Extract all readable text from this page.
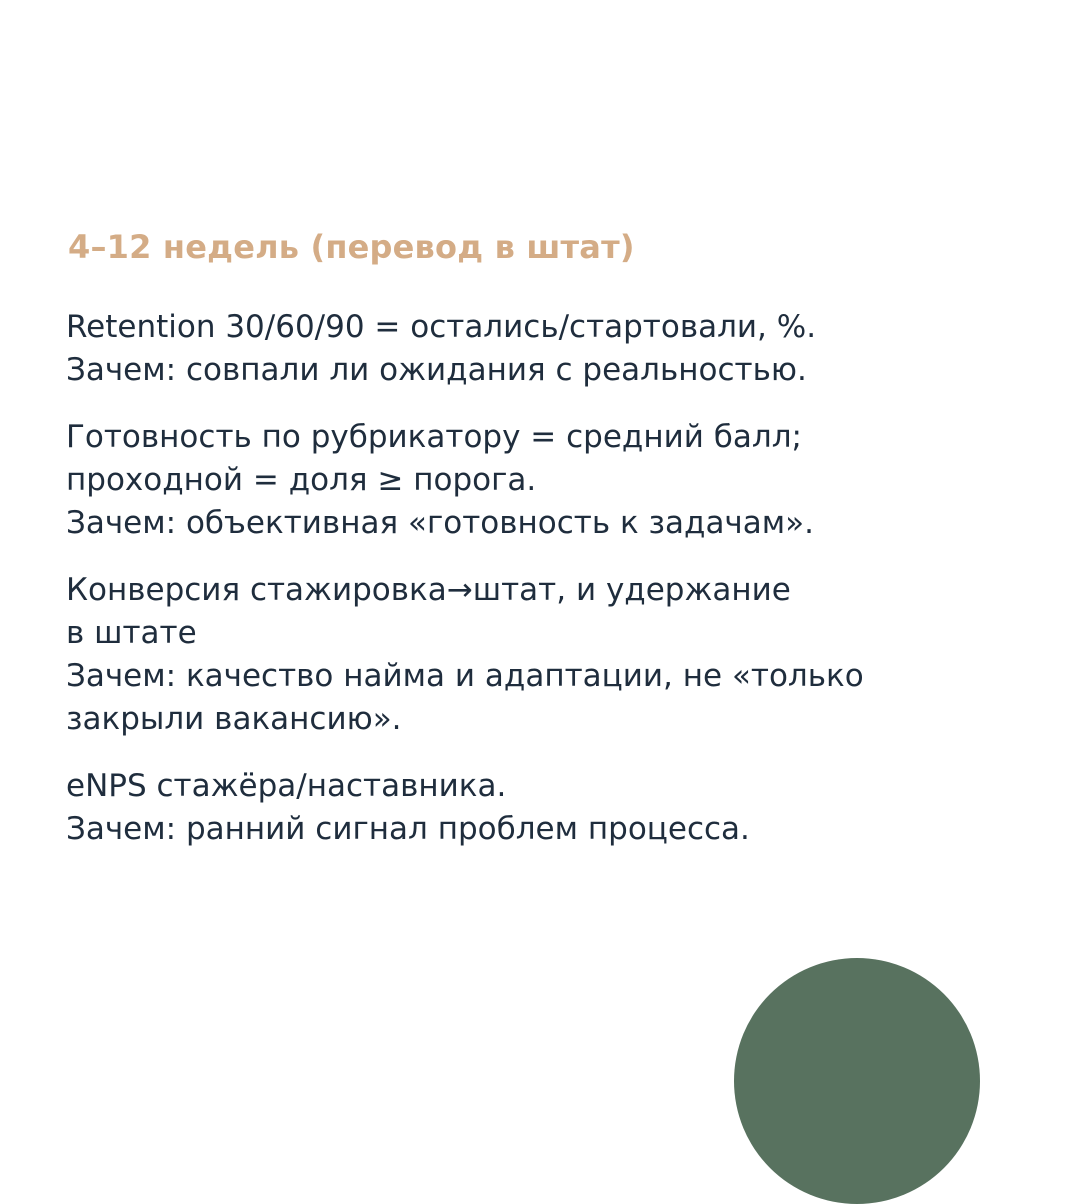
4–12 недель (перевод в штат)
Retention 30/60/90 = остались/стартовали, %.
Зачем: совпали ли ожидания с реальностью.
Готовность по рубрикатору = средний балл;
проходной = доля ≥ порога.
Зачем: объективная «готовность к задачам».
Конверсия стажировка→штат, и удержание
в штате
Зачем: качество найма и адаптации, не «только
закрыли вакансию».
eNPS стажёра/наставника.
Зачем: ранний сигнал проблем процесса.
